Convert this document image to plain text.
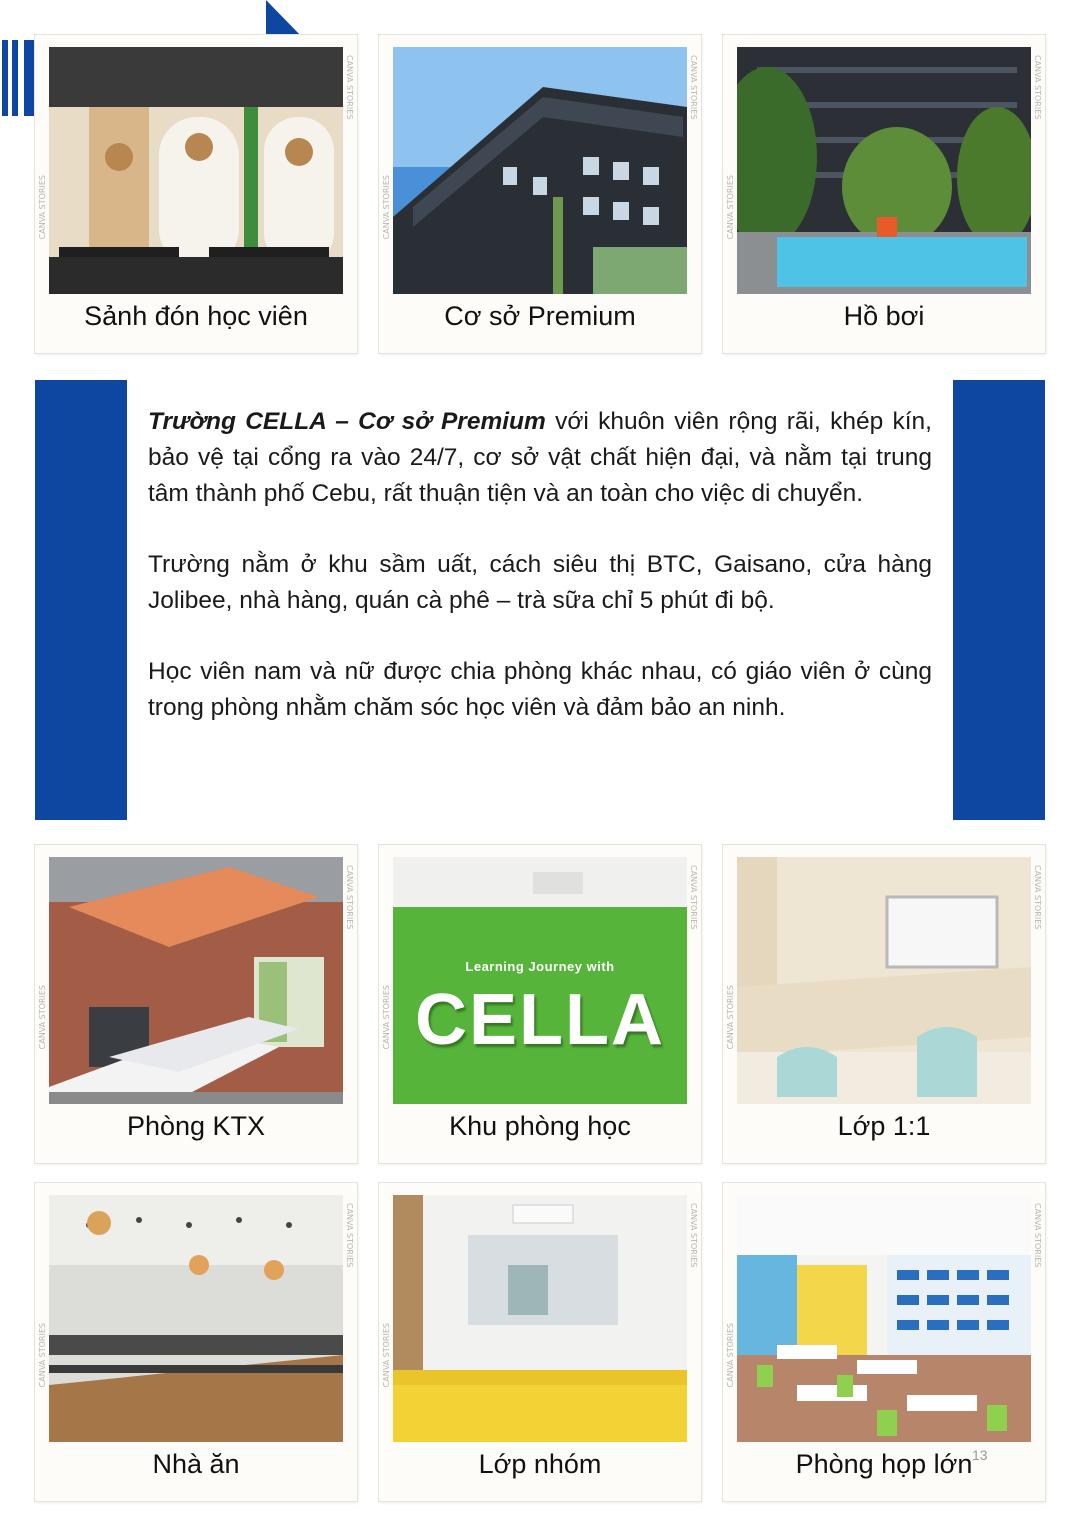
Sảnh đón học viên
CANVA STORIES
CANVA STORIES
Cơ sở Premium
CANVA STORIES
CANVA STORIES
Hồ bơi
CANVA STORIES
CANVA STORIES

Trường CELLA – Cơ sở Premium với khuôn viên rộng rãi, khép kín, bảo vệ tại cổng ra vào 24/7, cơ sở vật chất hiện đại, và nằm tại trung tâm thành phố Cebu, rất thuận tiện và an toàn cho việc di chuyển.

Trường nằm ở khu sầm uất, cách siêu thị BTC, Gaisano, cửa hàng Jolibee, nhà hàng, quán cà phê – trà sữa chỉ 5 phút đi bộ.

Học viên nam và nữ được chia phòng khác nhau, có giáo viên ở cùng trong phòng nhằm chăm sóc học viên và đảm bảo an ninh.

Phòng KTX
CANVA STORIES
CANVA STORIES
Learning Journey with
CELLA
Khu phòng học
CANVA STORIES
CANVA STORIES
Lớp 1:1
CANVA STORIES
CANVA STORIES
Nhà ăn
CANVA STORIES
CANVA STORIES
Lớp nhóm
CANVA STORIES
CANVA STORIES
Phòng họp lớn
CANVA STORIES
CANVA STORIES
13
